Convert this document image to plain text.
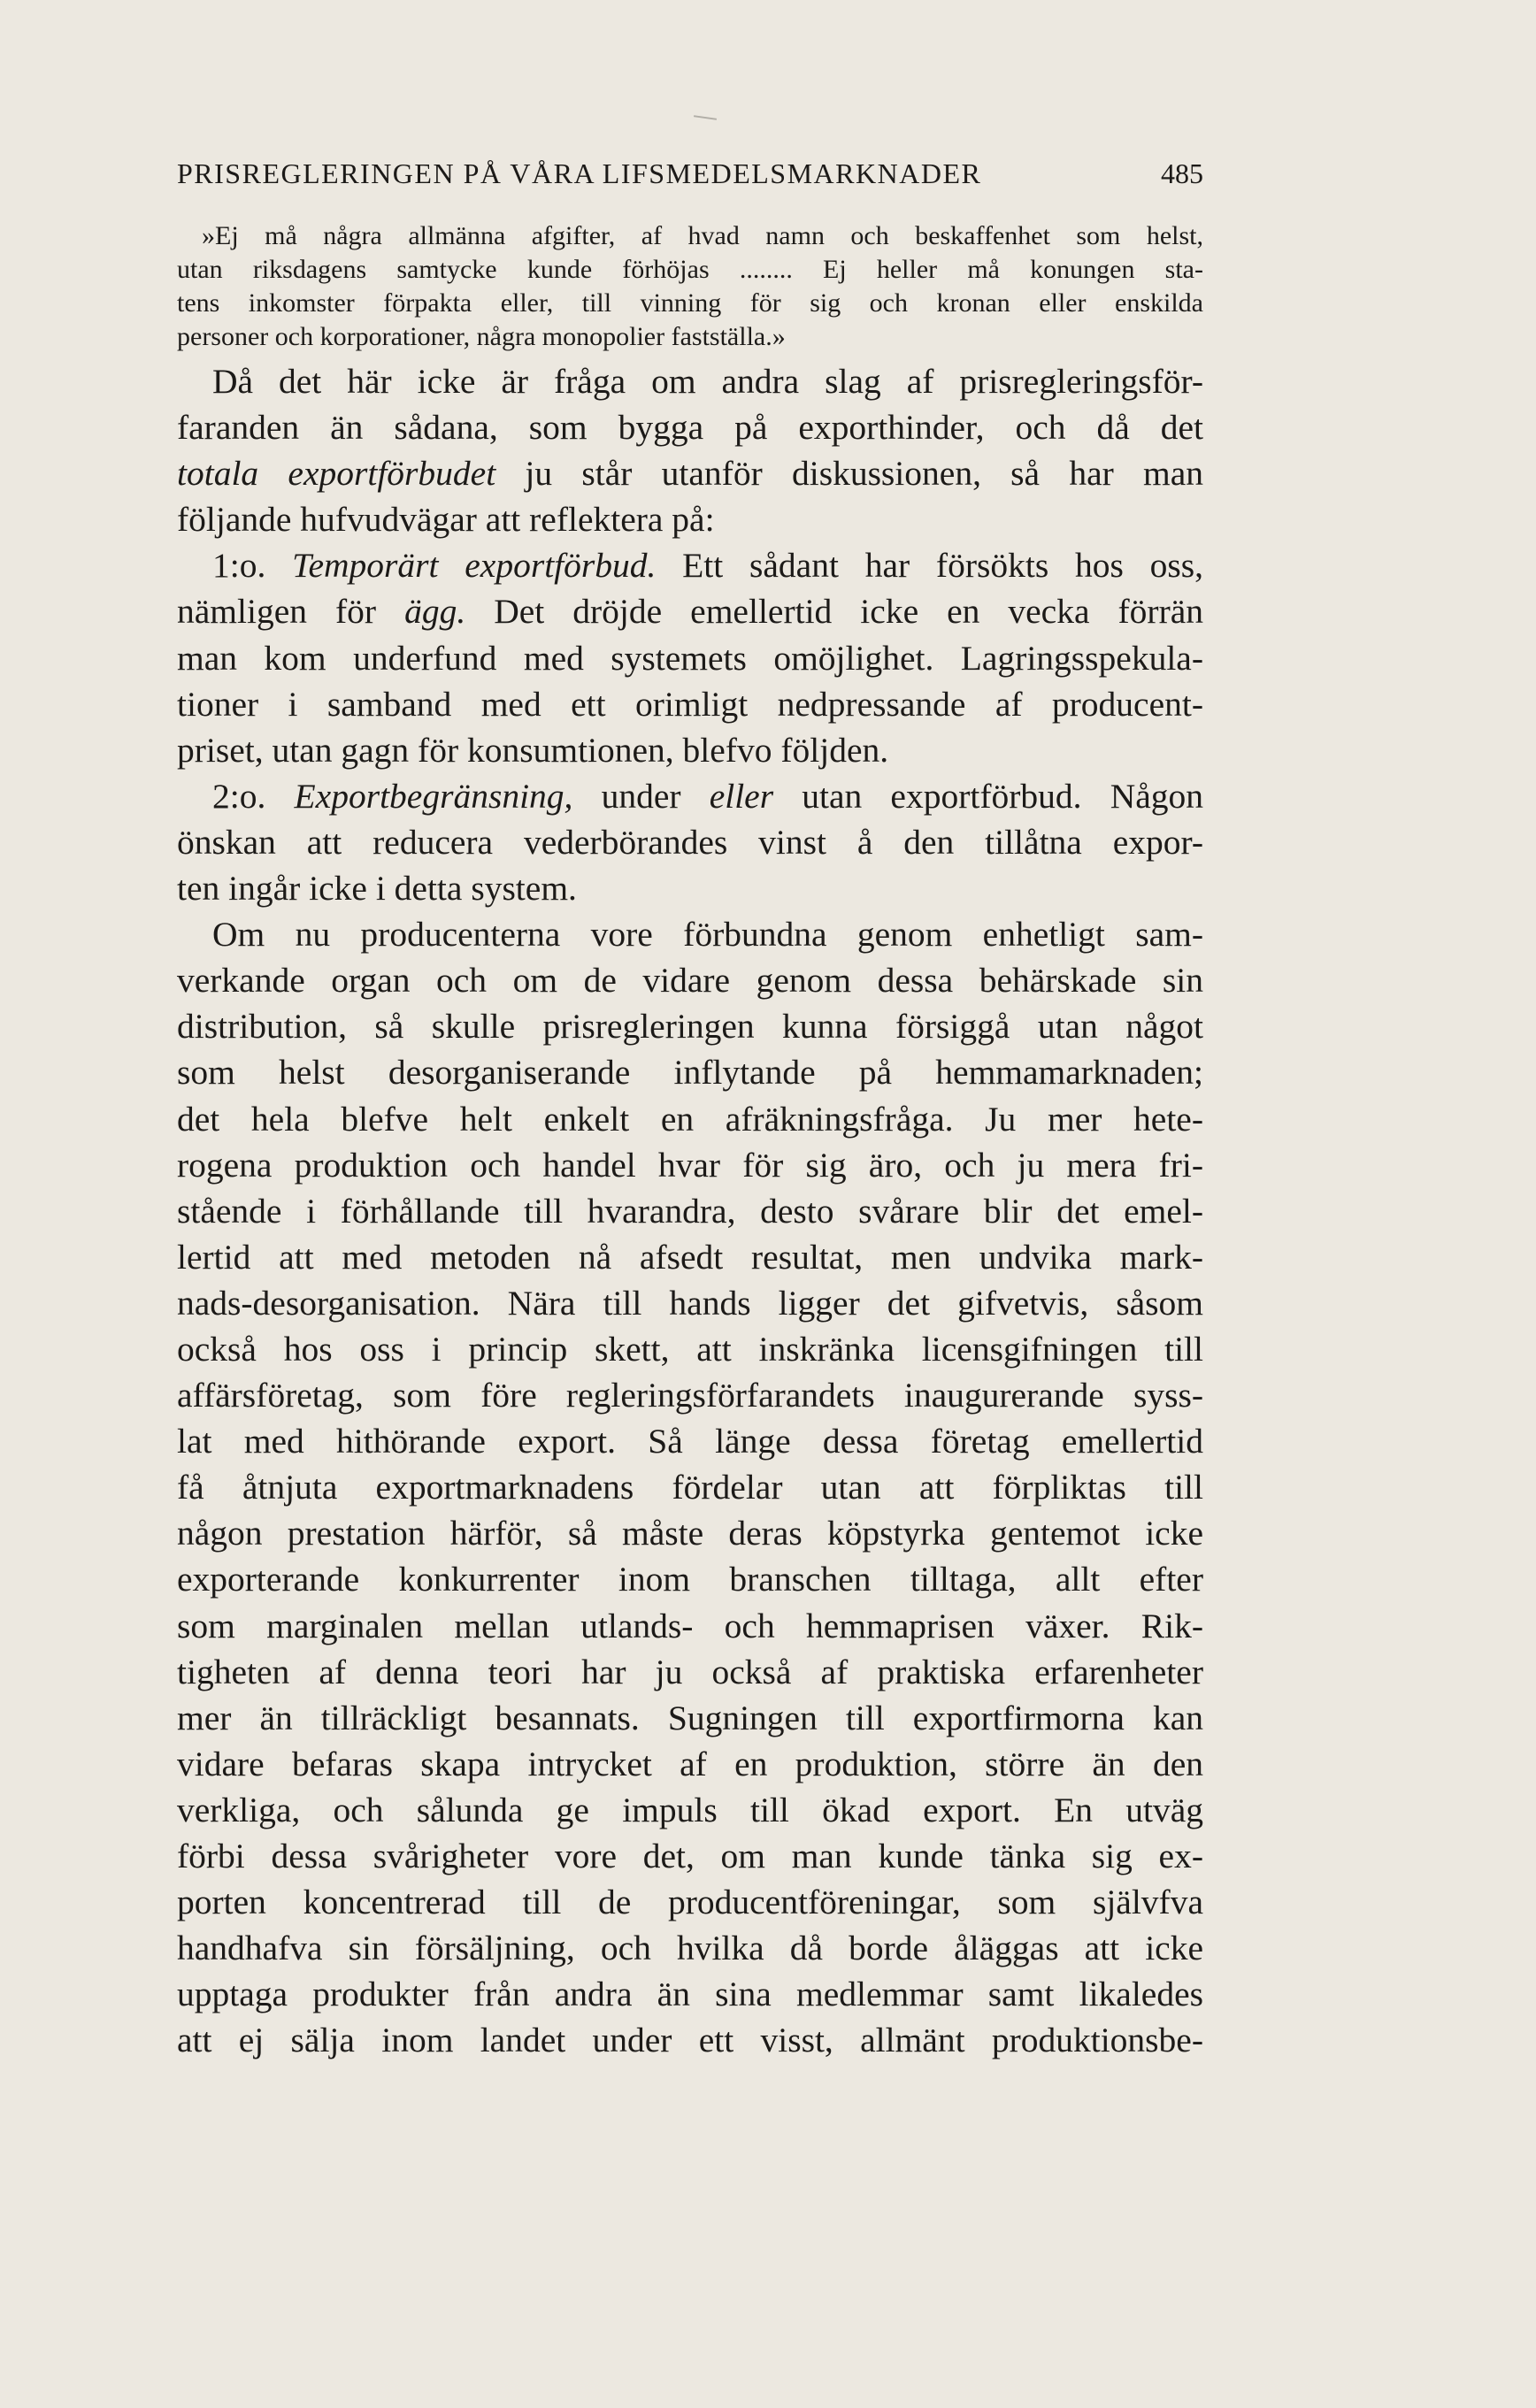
PRISREGLERINGEN PÅ VÅRA LIFSMEDELSMARKNADER	485
»Ej må några allmänna afgifter, af hvad namn och beskaffenhet som helst,
utan riksdagens samtycke kunde förhöjas ........ Ej heller må konungen sta-
tens inkomster förpakta eller, till vinning för sig och kronan eller enskilda
personer och korporationer, några monopolier fastställa.»
Då det här icke är fråga om andra slag af prisregleringsför-
faranden än sådana, som bygga på exporthinder, och då det
totala exportförbudet ju står utanför diskussionen, så har man
följande hufvudvägar att reflektera på:
1:o. Temporärt exportförbud. Ett sådant har försökts hos oss,
nämligen för ägg. Det dröjde emellertid icke en vecka förrän
man kom underfund med systemets omöjlighet. Lagringsspekula-
tioner i samband med ett orimligt nedpressande af producent-
priset, utan gagn för konsumtionen, blefvo följden.
2:o. Exportbegränsning, under eller utan exportförbud. Någon
önskan att reducera vederbörandes vinst å den tillåtna expor-
ten ingår icke i detta system.
Om nu producenterna vore förbundna genom enhetligt sam-
verkande organ och om de vidare genom dessa behärskade sin
distribution, så skulle prisregleringen kunna försiggå utan något
som helst desorganiserande inflytande på hemmamarknaden;
det hela blefve helt enkelt en afräkningsfråga. Ju mer hete-
rogena produktion och handel hvar för sig äro, och ju mera fri-
stående i förhållande till hvarandra, desto svårare blir det emel-
lertid att med metoden nå afsedt resultat, men undvika mark-
nads-desorganisation. Nära till hands ligger det gifvetvis, såsom
också hos oss i princip skett, att inskränka licensgifningen till
affärsföretag, som före regleringsförfarandets inaugurerande syss-
lat med hithörande export. Så länge dessa företag emellertid
få åtnjuta exportmarknadens fördelar utan att förpliktas till
någon prestation härför, så måste deras köpstyrka gentemot icke
exporterande konkurrenter inom branschen tilltaga, allt efter
som marginalen mellan utlands- och hemmaprisen växer. Rik-
tigheten af denna teori har ju också af praktiska erfarenheter
mer än tillräckligt besannats. Sugningen till exportfirmorna kan
vidare befaras skapa intrycket af en produktion, större än den
verkliga, och sålunda ge impuls till ökad export. En utväg
förbi dessa svårigheter vore det, om man kunde tänka sig ex-
porten koncentrerad till de producentföreningar, som självfva
handhafva sin försäljning, och hvilka då borde åläggas att icke
upptaga produkter från andra än sina medlemmar samt likaledes
att ej sälja inom landet under ett visst, allmänt produktionsbe-
